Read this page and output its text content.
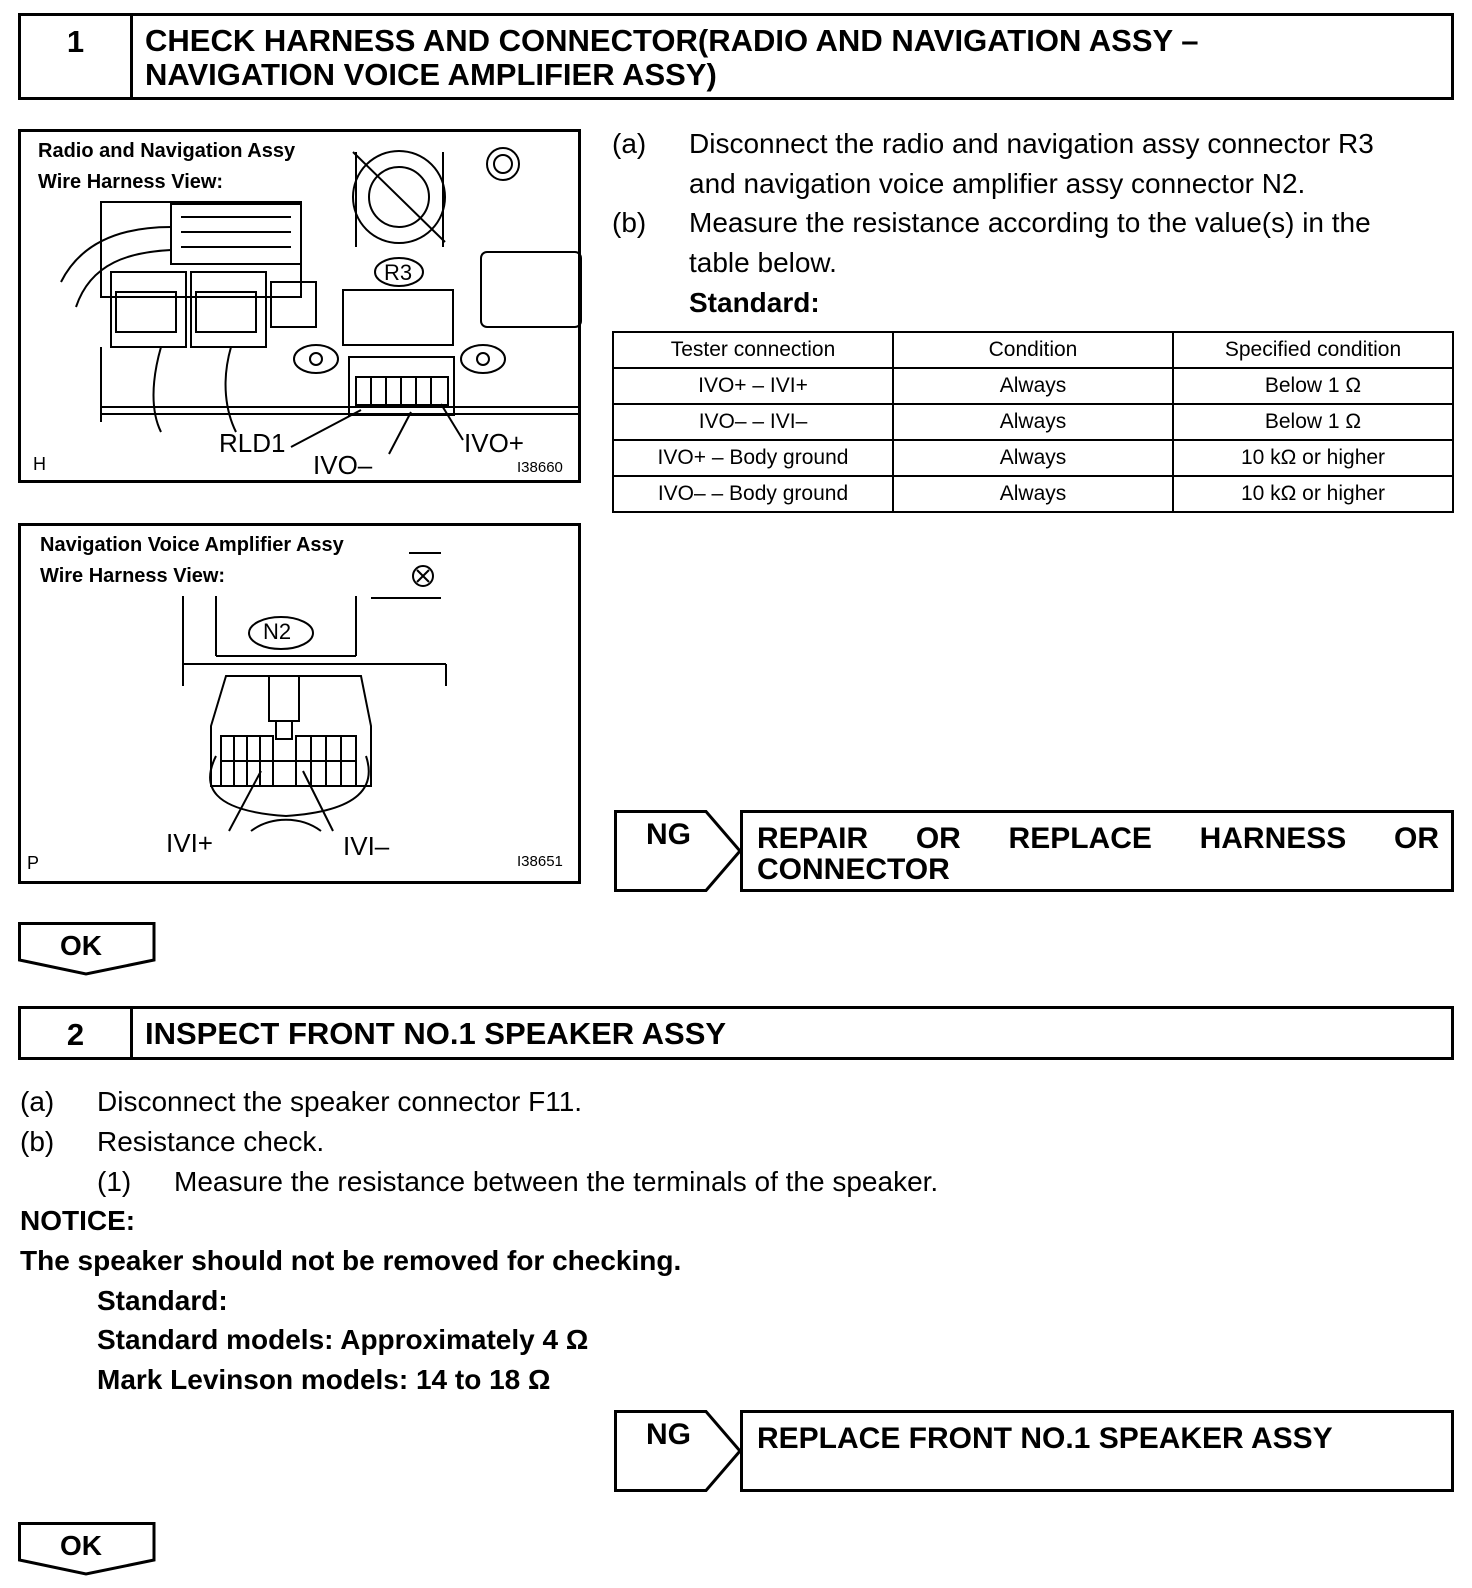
1	CHECK HARNESS AND CONNECTOR(RADIO AND NAVIGATION ASSY –
NAVIGATION VOICE AMPLIFIER ASSY)
Radio and Navigation Assy
Wire Harness View:
R3
RLD1
IVO–
IVO+
H	I38660
Navigation Voice Amplifier Assy
Wire Harness View:
N2
IVI+	IVI–
P	I38651
(a) Disconnect the radio and navigation assy connector R3
and navigation voice amplifier assy connector N2.
(b) Measure the resistance according to the value(s) in the
table below.
Standard:
Tester connection	Condition	Specified condition
IVO+ – IVI+	Always	Below 1 Ω
IVO– – IVI–	Always	Below 1 Ω
IVO+ – Body ground	Always	10 kΩ or higher
IVO– – Body ground	Always	10 kΩ or higher
NG REPAIR OR REPLACE HARNESS OR
CONNECTOR
OK
2	INSPECT FRONT NO.1 SPEAKER ASSY
(a) Disconnect the speaker connector F11.
(b) Resistance check.
(1) Measure the resistance between the terminals of the speaker.
NOTICE:
The speaker should not be removed for checking.
Standard:
Standard models: Approximately 4 Ω
Mark Levinson models: 14 to 18 Ω
NG	REPLACE FRONT NO.1 SPEAKER ASSY
OK
